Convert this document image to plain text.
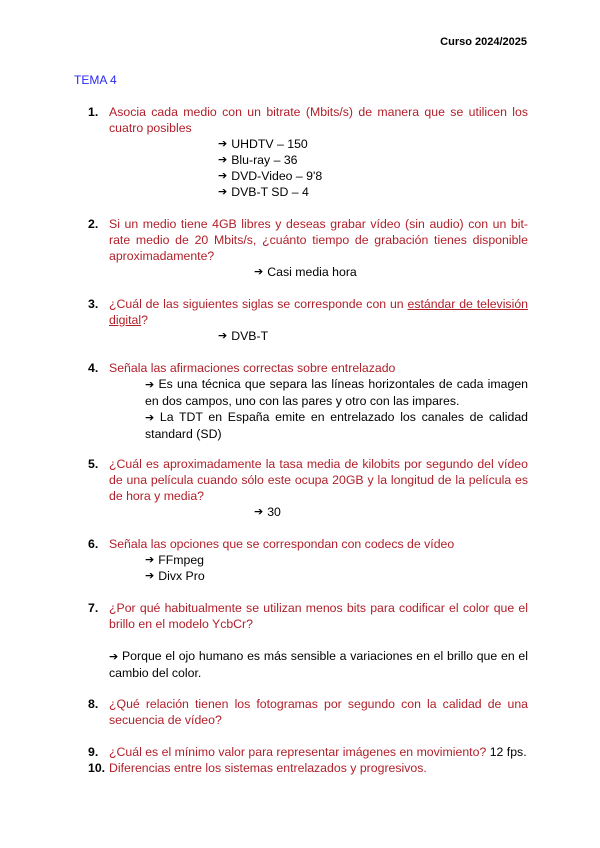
Curso 2024/2025
TEMA 4
1. Asocia cada medio con un bitrate (Mbits/s) de manera que se utilicen los cuatro posibles
➔ UHDTV – 150
➔ Blu-ray – 36
➔ DVD-Video – 9'8
➔ DVB-T SD – 4
2. Si un medio tiene 4GB libres y deseas grabar vídeo (sin audio) con un bit-rate medio de 20 Mbits/s, ¿cuánto tiempo de grabación tienes disponible aproximadamente?
➔ Casi media hora
3. ¿Cuál de las siguientes siglas se corresponde con un estándar de televisión digital?
➔ DVB-T
4. Señala las afirmaciones correctas sobre entrelazado
➔ Es una técnica que separa las líneas horizontales de cada imagen en dos campos, uno con las pares y otro con las impares.
➔ La TDT en España emite en entrelazado los canales de calidad standard (SD)
5. ¿Cuál es aproximadamente la tasa media de kilobits por segundo del vídeo de una película cuando sólo este ocupa 20GB y la longitud de la película es de hora y media?
➔ 30
6. Señala las opciones que se correspondan con codecs de vídeo
➔ FFmpeg
➔ Divx Pro
7. ¿Por qué habitualmente se utilizan menos bits para codificar el color que el brillo en el modelo YcbCr?
➔ Porque el ojo humano es más sensible a variaciones en el brillo que en el cambio del color.
8. ¿Qué relación tienen los fotogramas por segundo con la calidad de una secuencia de vídeo?
9. ¿Cuál es el mínimo valor para representar imágenes en movimiento? 12 fps.
10. Diferencias entre los sistemas entrelazados y progresivos.
